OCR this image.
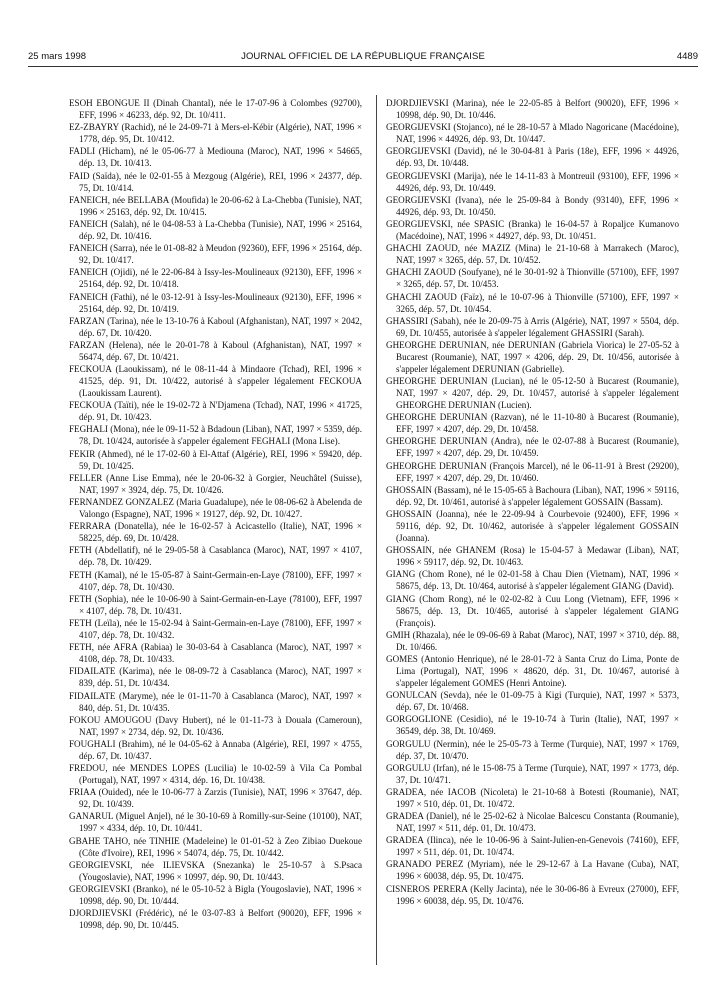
25 mars 1998	JOURNAL OFFICIEL DE LA RÉPUBLIQUE FRANÇAISE	4489

ESOH EBONGUE II (Dinah Chantal), née le 17-07-96 à Colombes (92700), EFF, 1996 × 46233, dép. 92, Dt. 10/411.

EZ-ZBAYRY (Rachid), né le 24-09-71 à Mers-el-Kébir (Algérie), NAT, 1996 × 1778, dép. 95, Dt. 10/412.

FADLI (Hicham), né le 05-06-77 à Mediouna (Maroc), NAT, 1996 × 54665, dép. 13, Dt. 10/413.

FAID (Saïda), née le 02-01-55 à Mezgoug (Algérie), REI, 1996 × 24377, dép. 75, Dt. 10/414.

FANEICH, née BELLABA (Moufida) le 20-06-62 à La-Chebba (Tunisie), NAT, 1996 × 25163, dép. 92, Dt. 10/415.

FANEICH (Salah), né le 04-08-53 à La-Chebba (Tunisie), NAT, 1996 × 25164, dép. 92, Dt. 10/416.

FANEICH (Sarra), née le 01-08-82 à Meudon (92360), EFF, 1996 × 25164, dép. 92, Dt. 10/417.

FANEICH (Ojidi), né le 22-06-84 à Issy-les-Moulineaux (92130), EFF, 1996 × 25164, dép. 92, Dt. 10/418.

FANEICH (Fathi), né le 03-12-91 à Issy-les-Moulineaux (92130), EFF, 1996 × 25164, dép. 92, Dt. 10/419.

FARZAN (Tarina), née le 13-10-76 à Kaboul (Afghanistan), NAT, 1997 × 2042, dép. 67, Dt. 10/420.

FARZAN (Helena), née le 20-01-78 à Kaboul (Afghanistan), NAT, 1997 × 56474, dép. 67, Dt. 10/421.

FECKOUA (Laoukissam), né le 08-11-44 à Mindaore (Tchad), REI, 1996 × 41525, dép. 91, Dt. 10/422, autorisé à s'appeler légalement FECKOUA (Laoukissam Laurent).

FECKOUA (Taïti), née le 19-02-72 à N'Djamena (Tchad), NAT, 1996 × 41725, dép. 91, Dt. 10/423.

FEGHALI (Mona), née le 09-11-52 à Bdadoun (Liban), NAT, 1997 × 5359, dép. 78, Dt. 10/424, autorisée à s'appeler également FEGHALI (Mona Lise).

FEKIR (Ahmed), né le 17-02-60 à El-Attaf (Algérie), REI, 1996 × 59420, dép. 59, Dt. 10/425.

FELLER (Anne Lise Emma), née le 20-06-32 à Gorgier, Neuchâtel (Suisse), NAT, 1997 × 3924, dép. 75, Dt. 10/426.

FERNANDEZ GONZALEZ (Maria Guadalupe), née le 08-06-62 à Abelenda de Valongo (Espagne), NAT, 1996 × 19127, dép. 92, Dt. 10/427.

FERRARA (Donatella), née le 16-02-57 à Acicastello (Italie), NAT, 1996 × 58225, dép. 69, Dt. 10/428.

FETH (Abdellatif), né le 29-05-58 à Casablanca (Maroc), NAT, 1997 × 4107, dép. 78, Dt. 10/429.

FETH (Kamal), né le 15-05-87 à Saint-Germain-en-Laye (78100), EFF, 1997 × 4107, dép. 78, Dt. 10/430.

FETH (Sophia), née le 10-06-90 à Saint-Germain-en-Laye (78100), EFF, 1997 × 4107, dép. 78, Dt. 10/431.

FETH (Leïla), née le 15-02-94 à Saint-Germain-en-Laye (78100), EFF, 1997 × 4107, dép. 78, Dt. 10/432.

FETH, née AFRA (Rabiaa) le 30-03-64 à Casablanca (Maroc), NAT, 1997 × 4108, dép. 78, Dt. 10/433.

FIDAILATE (Karima), née le 08-09-72 à Casablanca (Maroc), NAT, 1997 × 839, dép. 51, Dt. 10/434.

FIDAILATE (Maryme), née le 01-11-70 à Casablanca (Maroc), NAT, 1997 × 840, dép. 51, Dt. 10/435.

FOKOU AMOUGOU (Davy Hubert), né le 01-11-73 à Douala (Cameroun), NAT, 1997 × 2734, dép. 92, Dt. 10/436.

FOUGHALI (Brahim), né le 04-05-62 à Annaba (Algérie), REI, 1997 × 4755, dép. 67, Dt. 10/437.

FREDOU, née MENDES LOPES (Lucilia) le 10-02-59 à Vila Ca Pombal (Portugal), NAT, 1997 × 4314, dép. 16, Dt. 10/438.

FRIAA (Ouided), née le 10-06-77 à Zarzis (Tunisie), NAT, 1996 × 37647, dép. 92, Dt. 10/439.

GANARUL (Miguel Anjel), né le 30-10-69 à Romilly-sur-Seine (10100), NAT, 1997 × 4334, dép. 10, Dt. 10/441.

GBAHE TAHO, née TINHIE (Madeleine) le 01-01-52 à Zeo Zibiao Duekoue (Côte d'Ivoire), REI, 1996 × 54074, dép. 75, Dt. 10/442.

GEORGIEVSKI, née ILIEVSKA (Snezanka) le 25-10-57 à S.Psaca (Yougoslavie), NAT, 1996 × 10997, dép. 90, Dt. 10/443.

GEORGIEVSKI (Branko), né le 05-10-52 à Bigla (Yougoslavie), NAT, 1996 × 10998, dép. 90, Dt. 10/444.

DJORDJIEVSKI (Frédéric), né le 03-07-83 à Belfort (90020), EFF, 1996 × 10998, dép. 90, Dt. 10/445.

DJORDJIEVSKI (Marina), née le 22-05-85 à Belfort (90020), EFF, 1996 × 10998, dép. 90, Dt. 10/446.

GEORGIJEVSKI (Stojanco), né le 28-10-57 à Mlado Nagoricane (Macédoine), NAT, 1996 × 44926, dép. 93, Dt. 10/447.

GEORGIJEVSKI (David), né le 30-04-81 à Paris (18e), EFF, 1996 × 44926, dép. 93, Dt. 10/448.

GEORGIJEVSKI (Marija), née le 14-11-83 à Montreuil (93100), EFF, 1996 × 44926, dép. 93, Dt. 10/449.

GEORGIJEVSKI (Ivana), née le 25-09-84 à Bondy (93140), EFF, 1996 × 44926, dép. 93, Dt. 10/450.

GEORGIJEVSKI, née SPASIC (Branka) le 16-04-57 à Ropaljce Kumanovo (Macédoine), NAT, 1996 × 44927, dép. 93, Dt. 10/451.

GHACHI ZAOUD, née MAZIZ (Mina) le 21-10-68 à Marrakech (Maroc), NAT, 1997 × 3265, dép. 57, Dt. 10/452.

GHACHI ZAOUD (Soufyane), né le 30-01-92 à Thionville (57100), EFF, 1997 × 3265, dép. 57, Dt. 10/453.

GHACHI ZAOUD (Faïz), né le 10-07-96 à Thionville (57100), EFF, 1997 × 3265, dép. 57, Dt. 10/454.

GHASSIRI (Sabah), née le 20-09-75 à Arris (Algérie), NAT, 1997 × 5504, dép. 69, Dt. 10/455, autorisée à s'appeler légalement GHASSIRI (Sarah).

GHEORGHE DERUNIAN, née DERUNIAN (Gabriela Viorica) le 27-05-52 à Bucarest (Roumanie), NAT, 1997 × 4206, dép. 29, Dt. 10/456, autorisée à s'appeler légalement DERUNIAN (Gabrielle).

GHEORGHE DERUNIAN (Lucian), né le 05-12-50 à Bucarest (Roumanie), NAT, 1997 × 4207, dép. 29, Dt. 10/457, autorisé à s'appeler légalement GHEORGHE DERUNIAN (Lucien).

GHEORGHE DERUNIAN (Razvan), né le 11-10-80 à Bucarest (Roumanie), EFF, 1997 × 4207, dép. 29, Dt. 10/458.

GHEORGHE DERUNIAN (Andra), née le 02-07-88 à Bucarest (Roumanie), EFF, 1997 × 4207, dép. 29, Dt. 10/459.

GHEORGHE DERUNIAN (François Marcel), né le 06-11-91 à Brest (29200), EFF, 1997 × 4207, dép. 29, Dt. 10/460.

GHOSSAIN (Bassam), né le 15-05-65 à Bachoura (Liban), NAT, 1996 × 59116, dép. 92, Dt. 10/461, autorisé à s'appeler légalement GOSSAIN (Bassam).

GHOSSAIN (Joanna), née le 22-09-94 à Courbevoie (92400), EFF, 1996 × 59116, dép. 92, Dt. 10/462, autorisée à s'appeler légalement GOSSAIN (Joanna).

GHOSSAIN, née GHANEM (Rosa) le 15-04-57 à Medawar (Liban), NAT, 1996 × 59117, dép. 92, Dt. 10/463.

GIANG (Chom Rone), né le 02-01-58 à Chau Dien (Vietnam), NAT, 1996 × 58675, dép. 13, Dt. 10/464, autorisé à s'appeler légalement GIANG (David).

GIANG (Chom Rong), né le 02-02-82 à Cuu Long (Vietnam), EFF, 1996 × 58675, dép. 13, Dt. 10/465, autorisé à s'appeler légalement GIANG (François).

GMIH (Rhazala), née le 09-06-69 à Rabat (Maroc), NAT, 1997 × 3710, dép. 88, Dt. 10/466.

GOMES (Antonio Henrique), né le 28-01-72 à Santa Cruz do Lima, Ponte de Lima (Portugal), NAT, 1996 × 48620, dép. 31, Dt. 10/467, autorisé à s'appeler légalement GOMES (Henri Antoine).

GONULCAN (Sevda), née le 01-09-75 à Kigi (Turquie), NAT, 1997 × 5373, dép. 67, Dt. 10/468.

GORGOGLIONE (Cesidio), né le 19-10-74 à Turin (Italie), NAT, 1997 × 36549, dép. 38, Dt. 10/469.

GORGULU (Nermin), née le 25-05-73 à Terme (Turquie), NAT, 1997 × 1769, dép. 37, Dt. 10/470.

GORGULU (Irfan), né le 15-08-75 à Terme (Turquie), NAT, 1997 × 1773, dép. 37, Dt. 10/471.

GRADEA, née IACOB (Nicoleta) le 21-10-68 à Botesti (Roumanie), NAT, 1997 × 510, dép. 01, Dt. 10/472.

GRADEA (Daniel), né le 25-02-62 à Nicolae Balcescu Constanta (Roumanie), NAT, 1997 × 511, dép. 01, Dt. 10/473.

GRADEA (Ilinca), née le 10-06-96 à Saint-Julien-en-Genevois (74160), EFF, 1997 × 511, dép. 01, Dt. 10/474.

GRANADO PEREZ (Myriam), née le 29-12-67 à La Havane (Cuba), NAT, 1996 × 60038, dép. 95, Dt. 10/475.

CISNEROS PERERA (Kelly Jacinta), née le 30-06-86 à Evreux (27000), EFF, 1996 × 60038, dép. 95, Dt. 10/476.
